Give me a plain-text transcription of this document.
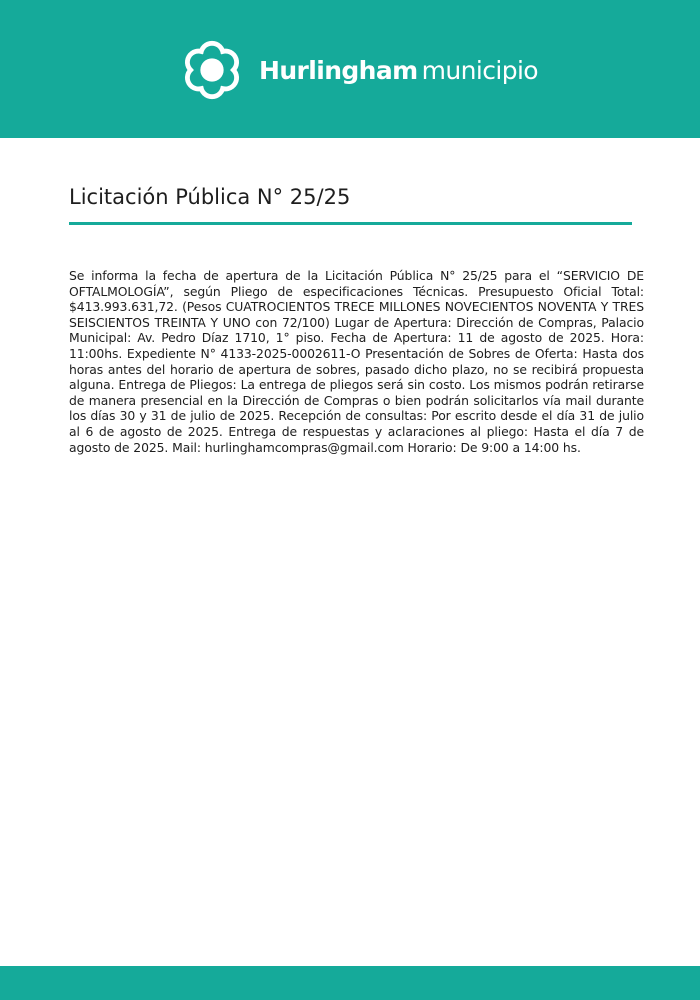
Hurlingham municipio
Licitación Pública N° 25/25

Se informa la fecha de apertura de la Licitación Pública N° 25/25 para el “SERVICIO DE OFTALMOLOGÍA”, según Pliego de especificaciones Técnicas. Presupuesto Oficial Total: $413.993.631,72. (Pesos CUATROCIENTOS TRECE MILLONES NOVECIENTOS NOVENTA Y TRES SEISCIENTOS TREINTA Y UNO con 72/100) Lugar de Apertura: Dirección de Compras, Palacio Municipal: Av. Pedro Díaz 1710, 1° piso. Fecha de Apertura: 11 de agosto de 2025. Hora: 11:00hs. Expediente N° 4133-2025-0002611-O Presentación de Sobres de Oferta: Hasta dos horas antes del horario de apertura de sobres, pasado dicho plazo, no se recibirá propuesta alguna. Entrega de Pliegos: La entrega de pliegos será sin costo. Los mismos podrán retirarse de manera presencial en la Dirección de Compras o bien podrán solicitarlos vía mail durante los días 30 y 31 de julio de 2025. Recepción de consultas: Por escrito desde el día 31 de julio al 6 de agosto de 2025. Entrega de respuestas y aclaraciones al pliego: Hasta el día 7 de agosto de 2025. Mail: hurlinghamcompras@gmail.com Horario: De 9:00 a 14:00 hs.
